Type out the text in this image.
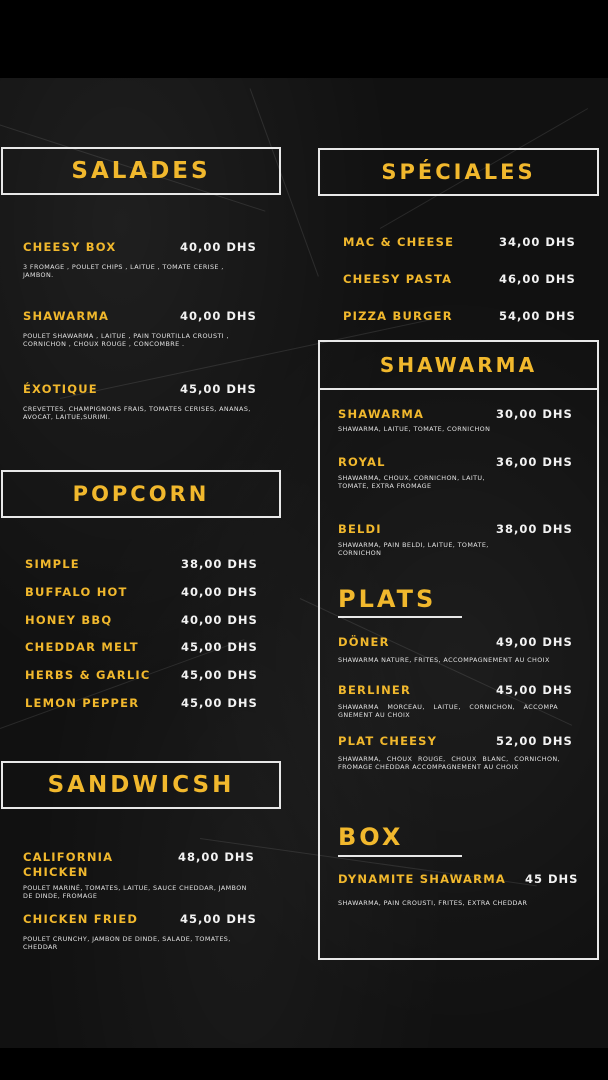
SALADES
CHEESY BOX	40,00 DHS
3 FROMAGE , POULET CHIPS , LAITUE , TOMATE CERISE , JAMBON.
SHAWARMA	40,00 DHS
POULET SHAWARMA , LAITUE , PAIN TOURTILLA CROUSTI , CORNICHON , CHOUX ROUGE , CONCOMBRE .
ÉXOTIQUE	45,00 DHS
CREVETTES, CHAMPIGNONS FRAIS, TOMATES CERISES, ANANAS, AVOCAT, LAITUE,SURIMI.
POPCORN
SIMPLE	38,00 DHS
BUFFALO HOT	40,00 DHS
HONEY BBQ	40,00 DHS
CHEDDAR MELT	45,00 DHS
HERBS & GARLIC	45,00 DHS
LEMON PEPPER	45,00 DHS
SANDWICSH
CALIFORNIA
CHICKEN
48,00 DHS
POULET MARINÉ, TOMATES, LAITUE, SAUCE CHEDDAR, JAMBON DE DINDE, FROMAGE
CHICKEN FRIED	45,00 DHS
POULET CRUNCHY, JAMBON DE DINDE, SALADE, TOMATES, CHEDDAR
SPÉCIALES
MAC & CHEESE	34,00 DHS
CHEESY PASTA	46,00 DHS
PIZZA BURGER	54,00 DHS
SHAWARMA
SHAWARMA	30,00 DHS
SHAWARMA, LAITUE, TOMATE, CORNICHON
ROYAL	36,00 DHS
SHAWARMA, CHOUX, CORNICHON, LAITU, TOMATE, EXTRA FROMAGE
BELDI	38,00 DHS
SHAWARMA, PAIN BELDI, LAITUE, TOMATE, CORNICHON
PLATS
DÖNER	49,00 DHS
SHAWARMA NATURE, FRITES, ACCOMPAGNEMENT AU CHOIX
BERLINER	45,00 DHS
SHAWARMA MORCEAU, LAITUE, CORNICHON, ACCOMPA GNEMENT AU CHOIX
PLAT CHEESY	52,00 DHS
SHAWARMA, CHOUX ROUGE, CHOUX BLANC, CORNICHON, FROMAGE CHEDDAR ACCOMPAGNEMENT AU CHOIX
BOX
DYNAMITE SHAWARMA 45 DHS
SHAWARMA, PAIN CROUSTI, FRITES, EXTRA CHEDDAR
